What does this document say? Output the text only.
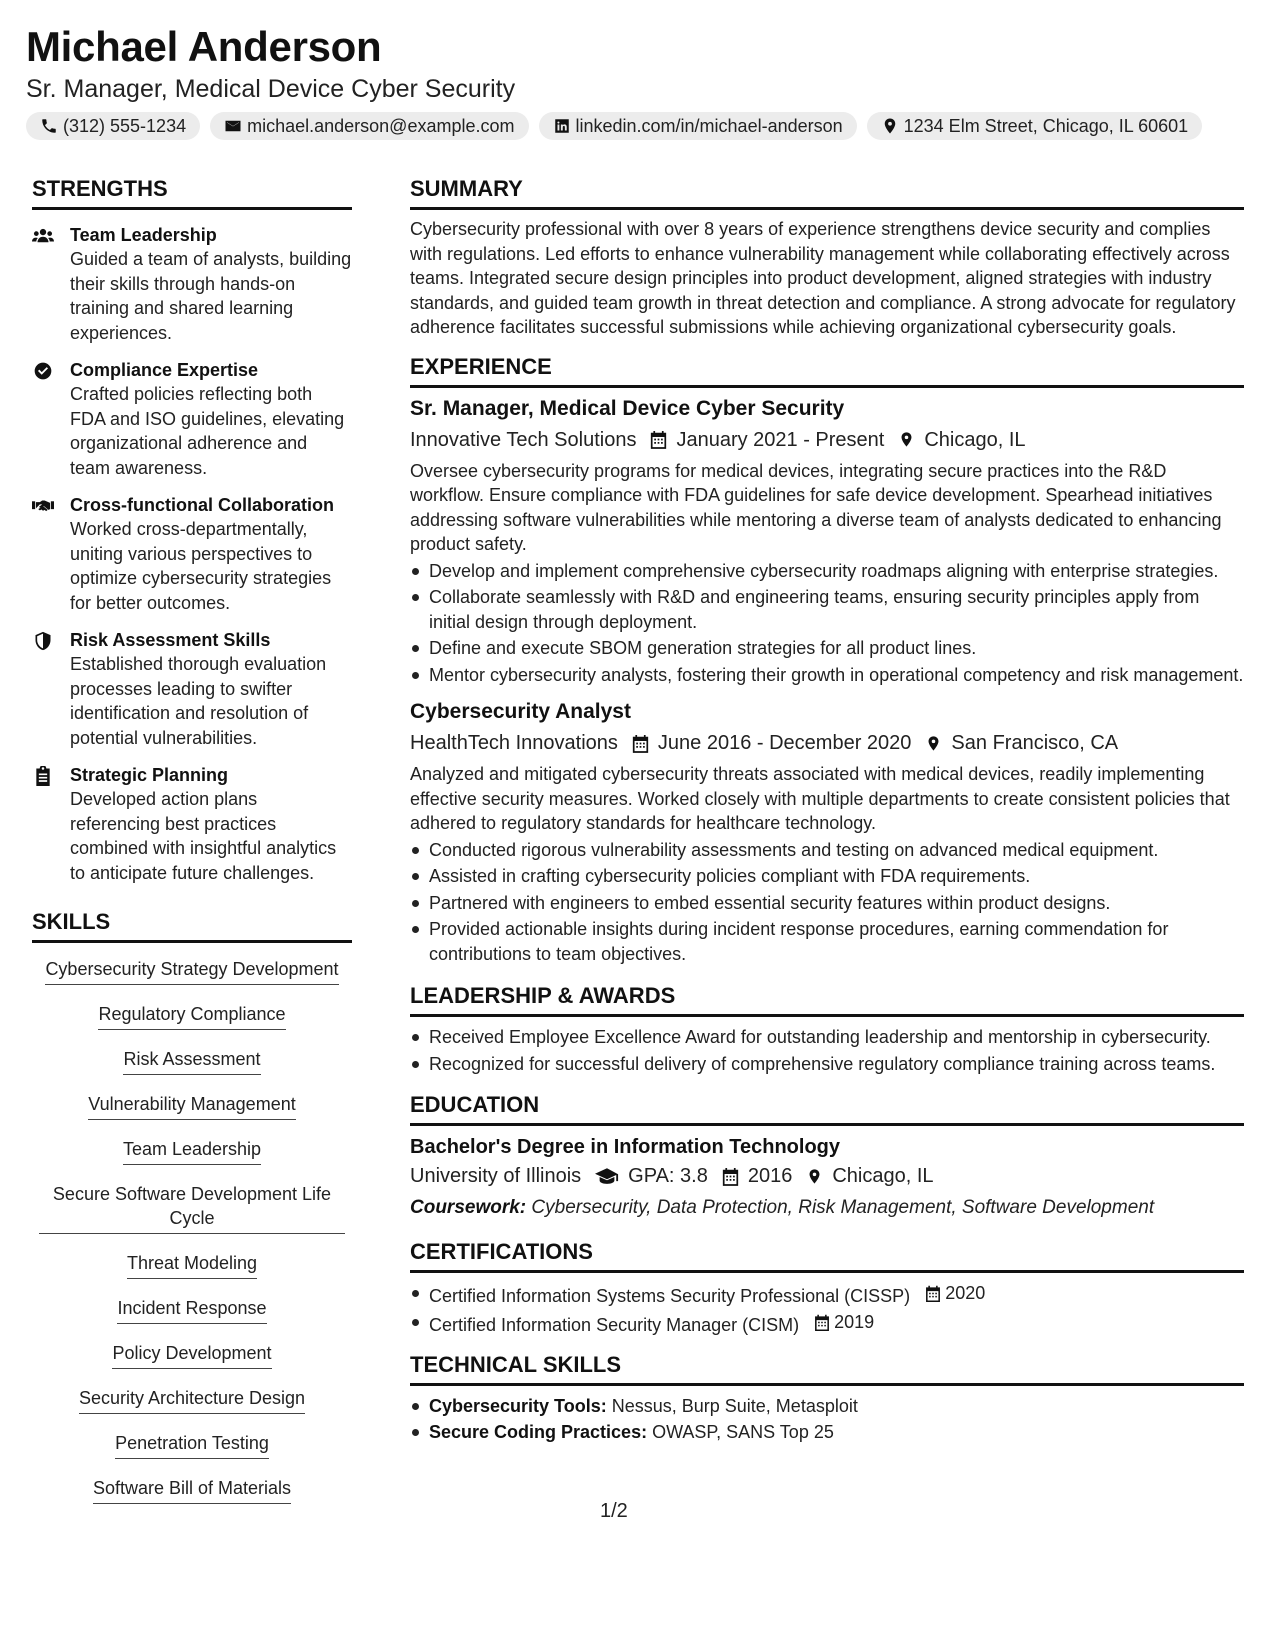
Michael Anderson
Sr. Manager, Medical Device Cyber Security
(312) 555-1234	michael.anderson@example.com	linkedin.com/in/michael-anderson	1234 Elm Street, Chicago, IL 60601
STRENGTHS
Team Leadership
Guided a team of analysts, building their skills through hands-on training and shared learning experiences.
Compliance Expertise
Crafted policies reflecting both FDA and ISO guidelines, elevating organizational adherence and team awareness.
Cross-functional Collaboration
Worked cross-departmentally, uniting various perspectives to optimize cybersecurity strategies for better outcomes.
Risk Assessment Skills
Established thorough evaluation processes leading to swifter identification and resolution of potential vulnerabilities.
Strategic Planning
Developed action plans referencing best practices combined with insightful analytics to anticipate future challenges.
SKILLS
Cybersecurity Strategy Development
Regulatory Compliance
Risk Assessment
Vulnerability Management
Team Leadership
Secure Software Development Life Cycle
Threat Modeling
Incident Response
Policy Development
Security Architecture Design
Penetration Testing
Software Bill of Materials
SUMMARY
Cybersecurity professional with over 8 years of experience strengthens device security and complies with regulations. Led efforts to enhance vulnerability management while collaborating effectively across teams. Integrated secure design principles into product development, aligned strategies with industry standards, and guided team growth in threat detection and compliance. A strong advocate for regulatory adherence facilitates successful submissions while achieving organizational cybersecurity goals.
EXPERIENCE
Sr. Manager, Medical Device Cyber Security
Innovative Tech Solutions January 2021 - Present Chicago, IL
Oversee cybersecurity programs for medical devices, integrating secure practices into the R&D workflow. Ensure compliance with FDA guidelines for safe device development. Spearhead initiatives addressing software vulnerabilities while mentoring a diverse team of analysts dedicated to enhancing product safety.
Develop and implement comprehensive cybersecurity roadmaps aligning with enterprise strategies.
Collaborate seamlessly with R&D and engineering teams, ensuring security principles apply from initial design through deployment.
Define and execute SBOM generation strategies for all product lines.
Mentor cybersecurity analysts, fostering their growth in operational competency and risk management.
Cybersecurity Analyst
HealthTech Innovations June 2016 - December 2020 San Francisco, CA
Analyzed and mitigated cybersecurity threats associated with medical devices, readily implementing effective security measures. Worked closely with multiple departments to create consistent policies that adhered to regulatory standards for healthcare technology.
Conducted rigorous vulnerability assessments and testing on advanced medical equipment.
Assisted in crafting cybersecurity policies compliant with FDA requirements.
Partnered with engineers to embed essential security features within product designs.
Provided actionable insights during incident response procedures, earning commendation for contributions to team objectives.
LEADERSHIP & AWARDS
Received Employee Excellence Award for outstanding leadership and mentorship in cybersecurity.
Recognized for successful delivery of comprehensive regulatory compliance training across teams.
EDUCATION
Bachelor's Degree in Information Technology
University of Illinois GPA: 3.8 2016 Chicago, IL
Coursework: Cybersecurity, Data Protection, Risk Management, Software Development
CERTIFICATIONS
Certified Information Systems Security Professional (CISSP) 2020
Certified Information Security Manager (CISM) 2019
TECHNICAL SKILLS
Cybersecurity Tools: Nessus, Burp Suite, Metasploit
Secure Coding Practices: OWASP, SANS Top 25
1/2
